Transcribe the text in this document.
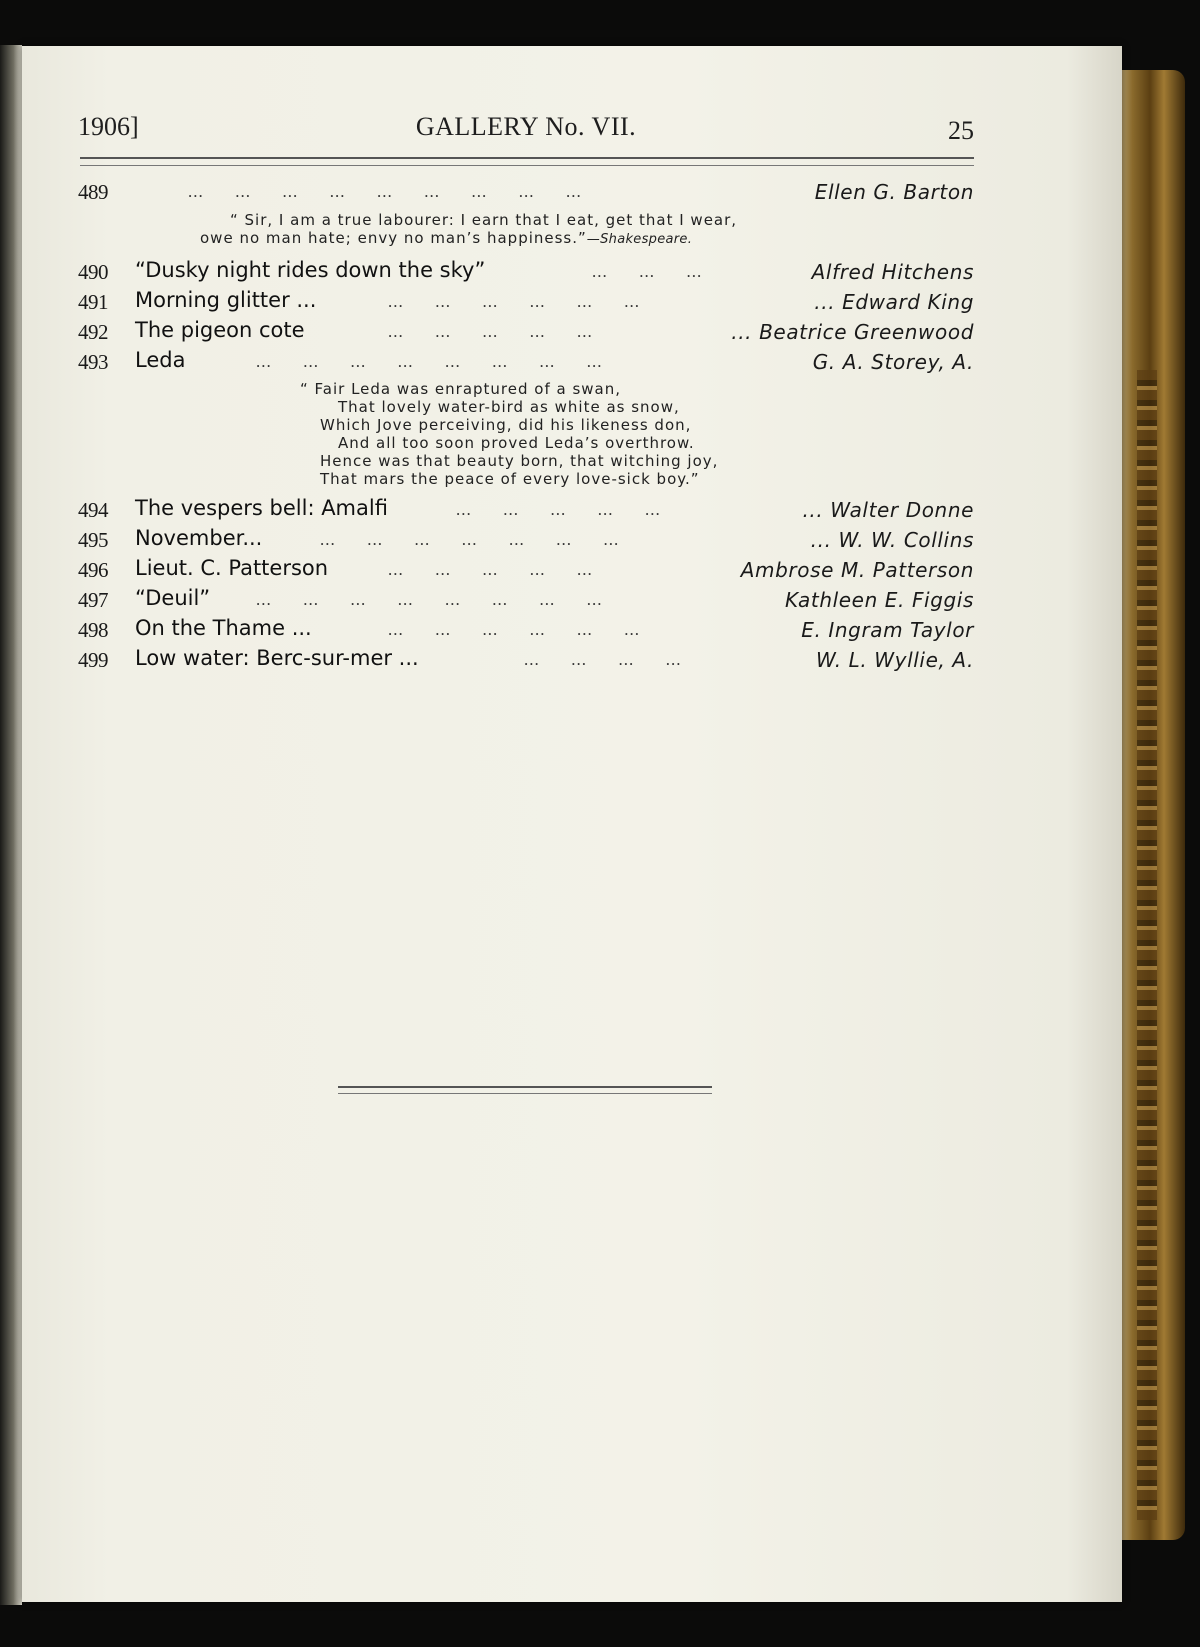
1906]	GALLERY No. VII.	25
489	... ... ... ... ... ... ... ... ...	Ellen G. Barton
490 “Dusky night rides down the sky”	... ... ...	Alfred Hitchens
491 Morning glitter ...	... ... ... ... ... ...	... Edward King
492 The pigeon cote	... ... ... ... ...	... Beatrice Greenwood
493 Leda	... ... ... ... ... ... ... ...	G. A. Storey, A.
494 The vespers bell: Amalfi	... ... ... ... ...	... Walter Donne
495 November...	... ... ... ... ... ... ...	... W. W. Collins
496 Lieut. C. Patterson	... ... ... ... ...	Ambrose M. Patterson
497 “Deuil”	... ... ... ... ... ... ... ...	Kathleen E. Figgis
498 On the Thame ...	... ... ... ... ... ...	E. Ingram Taylor
499 Low water: Berc-sur-mer ...	... ... ... ...	W. L. Wyllie, A.
“ Sir, I am a true labourer: I earn that I eat, get that I wear,
owe no man hate; envy no man’s happiness.”—Shakespeare.
“ Fair Leda was enraptured of a swan,
That lovely water-bird as white as snow,
Which Jove perceiving, did his likeness don,
And all too soon proved Leda’s overthrow.
Hence was that beauty born, that witching joy,
That mars the peace of every love-sick boy.”
